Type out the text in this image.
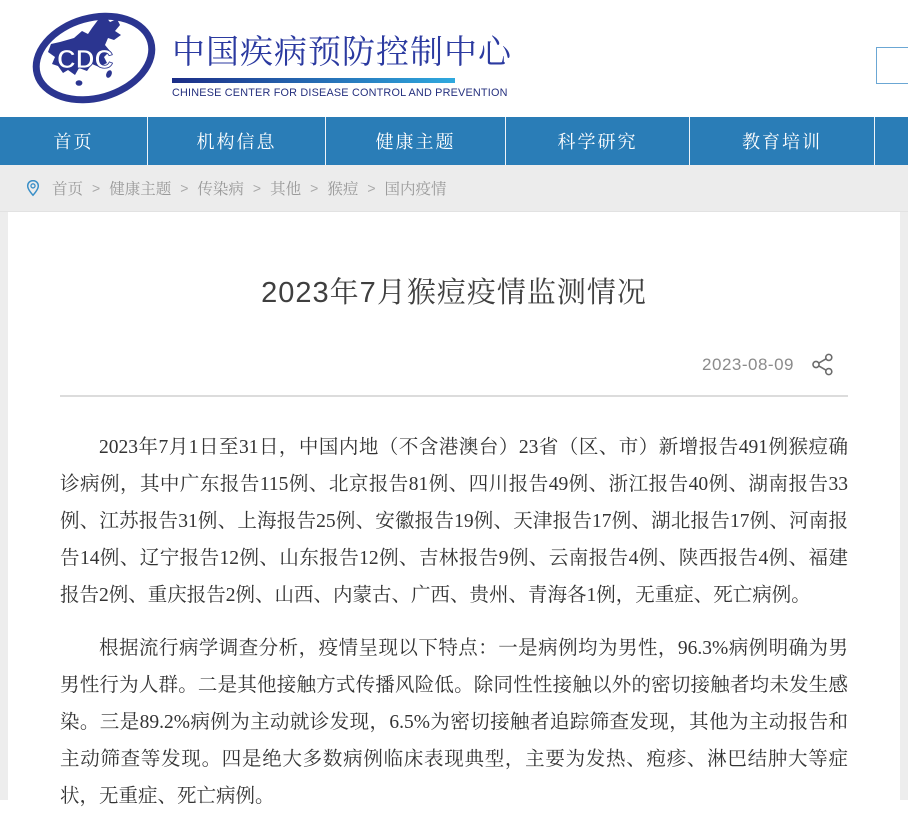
CDC 中国疾病预防控制中心
CHINESE CENTER FOR DISEASE CONTROL AND PREVENTION
首页	机构信息	健康主题	科学研究	教育培训
首页 > 健康主题 > 传染病 > 其他 > 猴痘 > 国内疫情
2023年7月猴痘疫情监测情况
2023-08-09

2023年7月1日至31日，中国内地（不含港澳台）23省（区、市）新增报告491例猴痘确诊病例，其中广东报告115例、北京报告81例、四川报告49例、浙江报告40例、湖南报告33例、江苏报告31例、上海报告25例、安徽报告19例、天津报告17例、湖北报告17例、河南报告14例、辽宁报告12例、山东报告12例、吉林报告9例、云南报告4例、陕西报告4例、福建报告2例、重庆报告2例、山西、内蒙古、广西、贵州、青海各1例，无重症、死亡病例。

根据流行病学调查分析，疫情呈现以下特点：一是病例均为男性，96.3%病例明确为男男性行为人群。二是其他接触方式传播风险低。除同性性接触以外的密切接触者均未发生感染。三是89.2%病例为主动就诊发现，6.5%为密切接触者追踪筛查发现，其他为主动报告和主动筛查等发现。四是绝大多数病例临床表现典型，主要为发热、疱疹、淋巴结肿大等症状，无重症、死亡病例。
